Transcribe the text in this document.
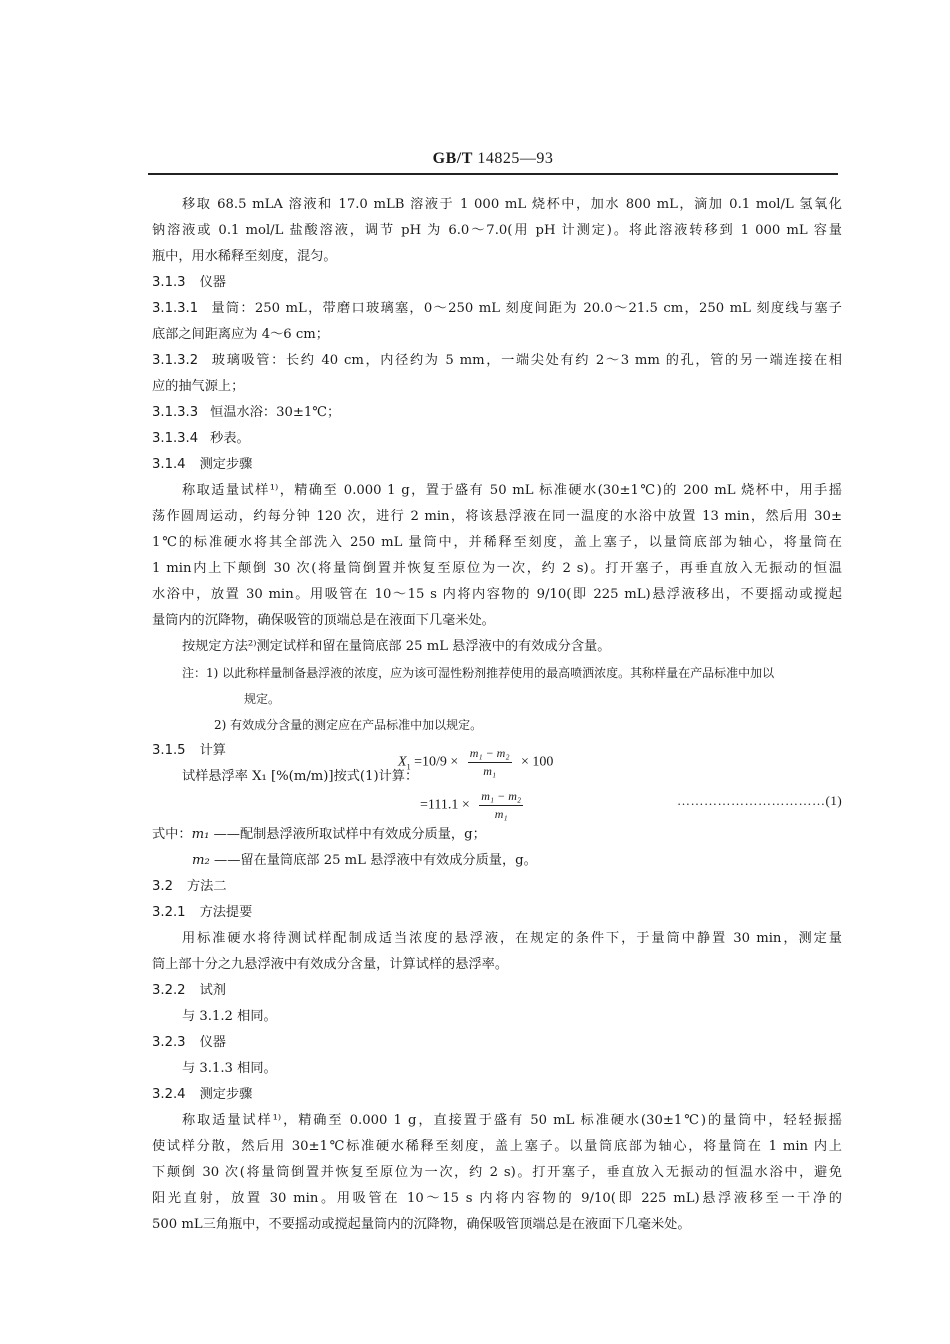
GB/T 14825—93
移取 68.5 mLA 溶液和 17.0 mLB 溶液于 1 000 mL 烧杯中，加水 800 mL，滴加 0.1 mol/L 氢氧化
钠溶液或 0.1 mol/L 盐酸溶液，调节 pH 为 6.0～7.0(用 pH 计测定)。将此溶液转移到 1 000 mL 容量
瓶中，用水稀释至刻度，混匀。
3.1.3 仪器
3.1.3.1 量筒：250 mL，带磨口玻璃塞，0～250 mL 刻度间距为 20.0～21.5 cm，250 mL 刻度线与塞子
底部之间距离应为 4～6 cm；
3.1.3.2 玻璃吸管：长约 40 cm，内径约为 5 mm，一端尖处有约 2～3 mm 的孔，管的另一端连接在相
应的抽气源上；
3.1.3.3 恒温水浴：30±1℃；
3.1.3.4 秒表。
3.1.4 测定步骤
称取适量试样¹⁾，精确至 0.000 1 g，置于盛有 50 mL 标准硬水(30±1℃)的 200 mL 烧杯中，用手摇
荡作圆周运动，约每分钟 120 次，进行 2 min，将该悬浮液在同一温度的水浴中放置 13 min，然后用 30±
1℃的标准硬水将其全部洗入 250 mL 量筒中，并稀释至刻度，盖上塞子，以量筒底部为轴心，将量筒在
1 min内上下颠倒 30 次(将量筒倒置并恢复至原位为一次，约 2 s)。打开塞子，再垂直放入无振动的恒温
水浴中，放置 30 min。用吸管在 10～15 s 内将内容物的 9/10(即 225 mL)悬浮液移出，不要摇动或搅起
量筒内的沉降物，确保吸管的顶端总是在液面下几毫米处。
按规定方法²⁾测定试样和留在量筒底部 25 mL 悬浮液中的有效成分含量。
注：1) 以此称样量制备悬浮液的浓度，应为该可湿性粉剂推荐使用的最高喷洒浓度。其称样量在产品标准中加以
规定。
2) 有效成分含量的测定应在产品标准中加以规定。
3.1.5 计算
试样悬浮率 X₁ [%(m/m)]按式(1)计算：
$X_1 =10/9 \times \frac{\text{m₁ − m₂}}{\text{m₁}} \times 100$
$=111.1 \times \frac{\text{m₁ − m₂}}{\text{m₁}}$	……………………………(1)
式中：m₁ ——配制悬浮液所取试样中有效成分质量，g；
m₂ ——留在量筒底部 25 mL 悬浮液中有效成分质量，g。
3.2 方法二
3.2.1 方法提要
用标准硬水将待测试样配制成适当浓度的悬浮液，在规定的条件下，于量筒中静置 30 min，测定量
筒上部十分之九悬浮液中有效成分含量，计算试样的悬浮率。
3.2.2 试剂
与 3.1.2 相同。
3.2.3 仪器
与 3.1.3 相同。
3.2.4 测定步骤
称取适量试样¹⁾，精确至 0.000 1 g，直接置于盛有 50 mL 标准硬水(30±1℃)的量筒中，轻轻振摇
使试样分散，然后用 30±1℃标准硬水稀释至刻度，盖上塞子。以量筒底部为轴心，将量筒在 1 min 内上
下颠倒 30 次(将量筒倒置并恢复至原位为一次，约 2 s)。打开塞子，垂直放入无振动的恒温水浴中，避免
阳光直射，放置 30 min。用吸管在 10～15 s 内将内容物的 9/10(即 225 mL)悬浮液移至一干净的
500 mL三角瓶中，不要摇动或搅起量筒内的沉降物，确保吸管顶端总是在液面下几毫米处。
